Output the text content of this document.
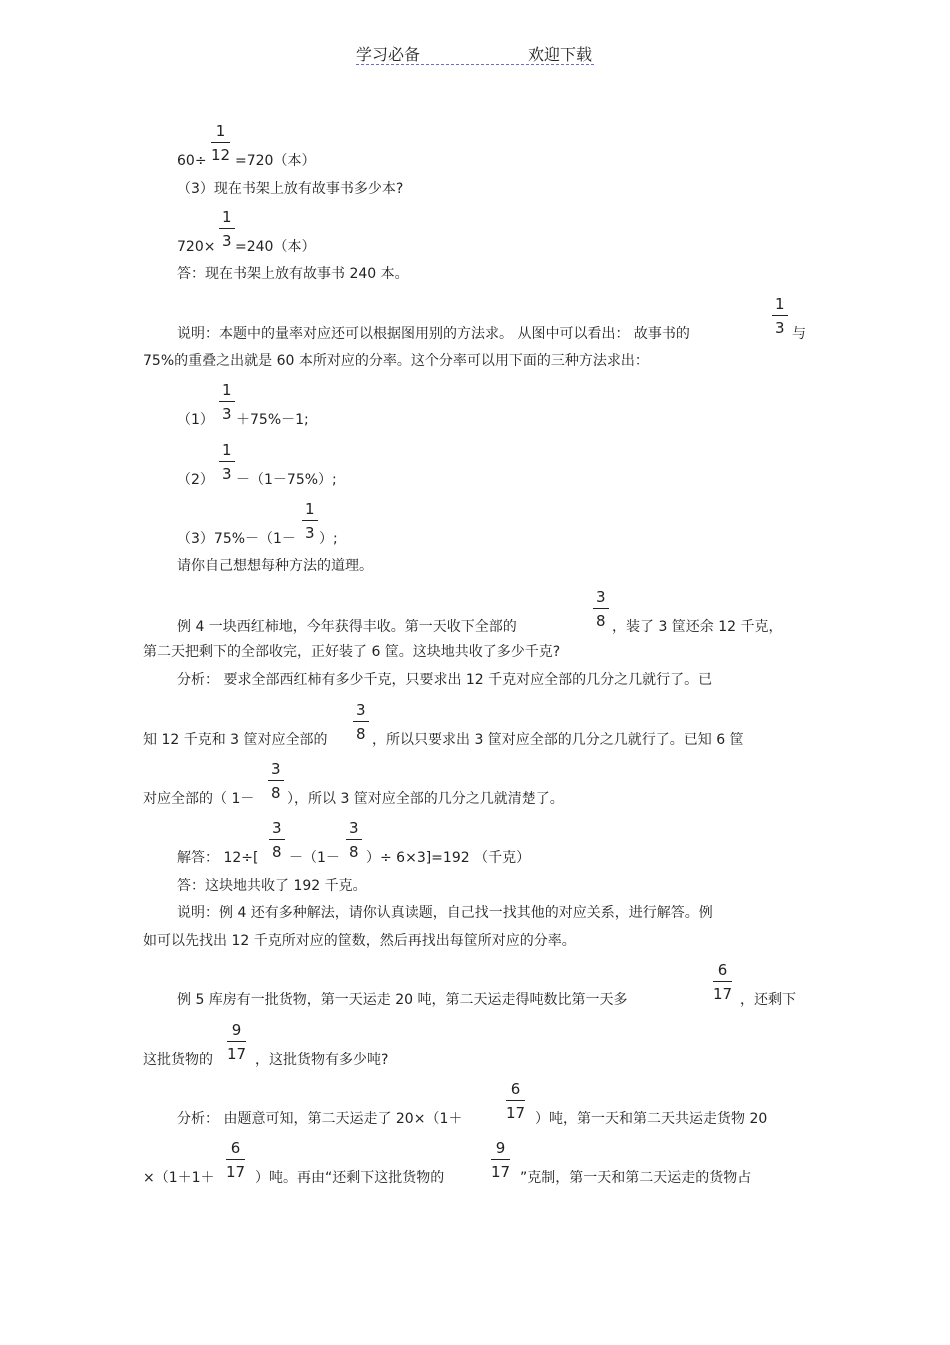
学习必备	欢迎下载
60÷ =720（本）
（3）现在书架上放有故事书多少本?
720× =240（本）
答：现在书架上放有故事书 240 本。
说明：本题中的量率对应还可以根据图用别的方法求。 从图中可以看出： 故事书的	与
75%的重叠之出就是 60 本所对应的分率。这个分率可以用下面的三种方法求出：
（1） ＋75%－1;
（2） －（1－75%）;
（3）75%－（1－ ）;
请你自己想想每种方法的道理。
例 4 一块西红柿地，今年获得丰收。第一天收下全部的	，装了 3 筐还余 12 千克，
第二天把剩下的全部收完，正好装了 6 筐。这块地共收了多少千克?
分析： 要求全部西红柿有多少千克，只要求出 12 千克对应全部的几分之几就行了。已
知 12 千克和 3 筐对应全部的	，所以只要求出 3 筐对应全部的几分之几就行了。已知 6 筐
对应全部的（ 1－ ），所以 3 筐对应全部的几分之几就清楚了。
解答： 12÷[ －（1－ ）÷ 6×3]=192 （千克）
答：这块地共收了 192 千克。
说明：例 4 还有多种解法，请你认真读题，自己找一找其他的对应关系，进行解答。例
如可以先找出 12 千克所对应的筐数，然后再找出每筐所对应的分率。
例 5 库房有一批货物，第一天运走 20 吨，第二天运走得吨数比第一天多	，还剩下
这批货物的	，这批货物有多少吨?
分析： 由题意可知，第二天运走了 20×（1＋	）吨，第一天和第二天共运走货物 20
×（1＋1＋	）吨。再由“还剩下这批货物的	”克制，第一天和第二天运走的货物占
$\frac{1}{12}$
$\frac{1}{3}$
$\frac{1}{3}$
$\frac{1}{3}$
$\frac{1}{3}$
$\frac{1}{3}$
$\frac{3}{8}$
$\frac{3}{8}$
$\frac{3}{8}$
$\frac{3}{8}$	$\frac{3}{8}$
$\frac{6}{17}$
$\frac{9}{17}$
$\frac{6}{17}$
$\frac{6}{17}$	$\frac{9}{17}$
